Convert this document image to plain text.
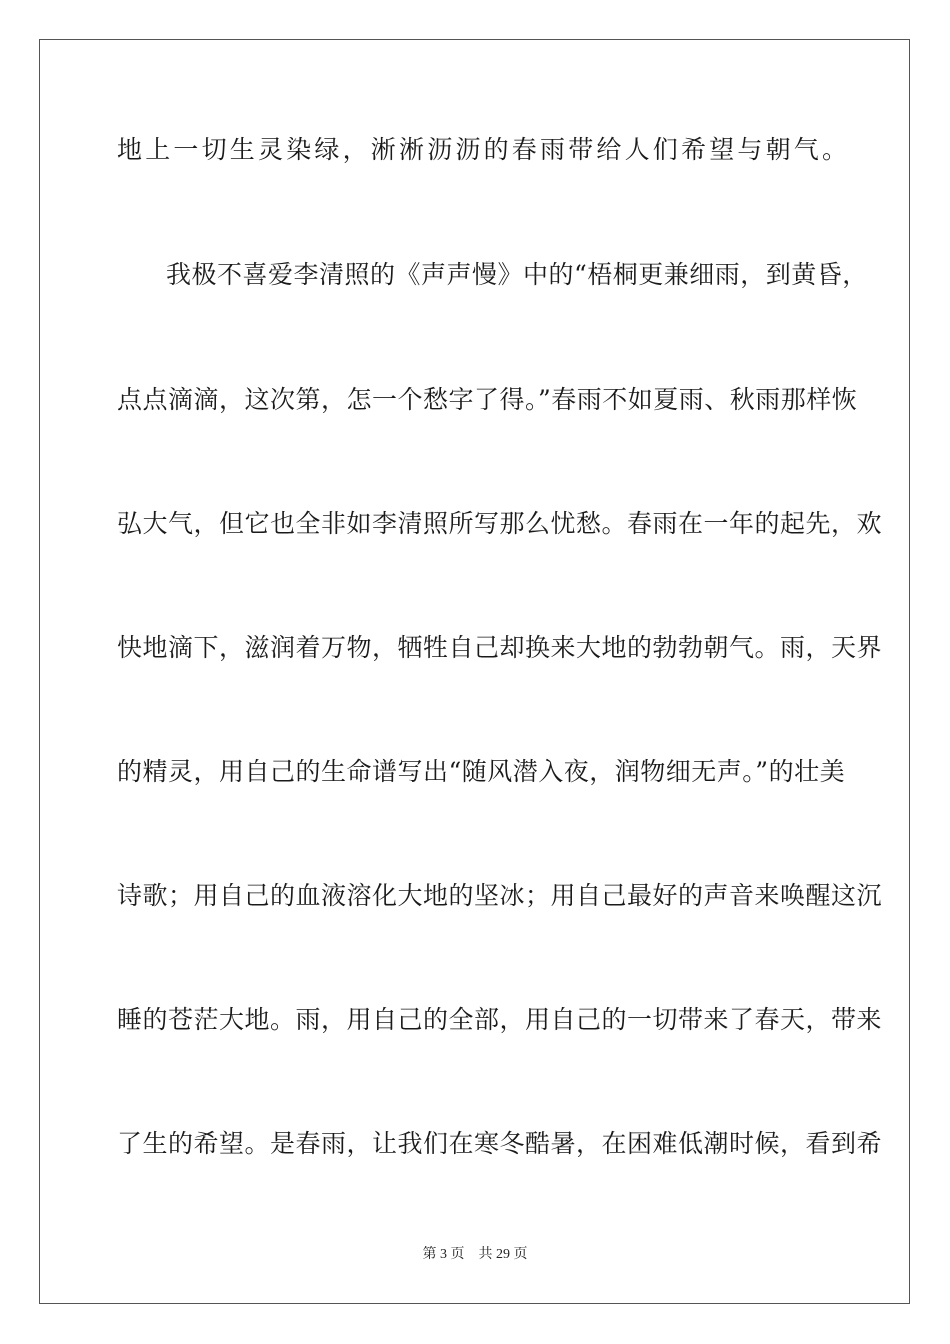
地上一切生灵染绿，淅淅沥沥的春雨带给人们希望与朝气。
我极不喜爱李清照的《声声慢》中的“梧桐更兼细雨，到黄昏，
点点滴滴，这次第，怎一个愁字了得。”春雨不如夏雨、秋雨那样恢
弘大气，但它也全非如李清照所写那么忧愁。春雨在一年的起先，欢
快地滴下，滋润着万物，牺牲自己却换来大地的勃勃朝气。雨，天界
的精灵，用自己的生命谱写出“随风潜入夜，润物细无声。”的壮美
诗歌；用自己的血液溶化大地的坚冰；用自己最好的声音来唤醒这沉
睡的苍茫大地。雨，用自己的全部，用自己的一切带来了春天，带来
了生的希望。是春雨，让我们在寒冬酷暑，在困难低潮时候，看到希
第 3 页 共 29 页
